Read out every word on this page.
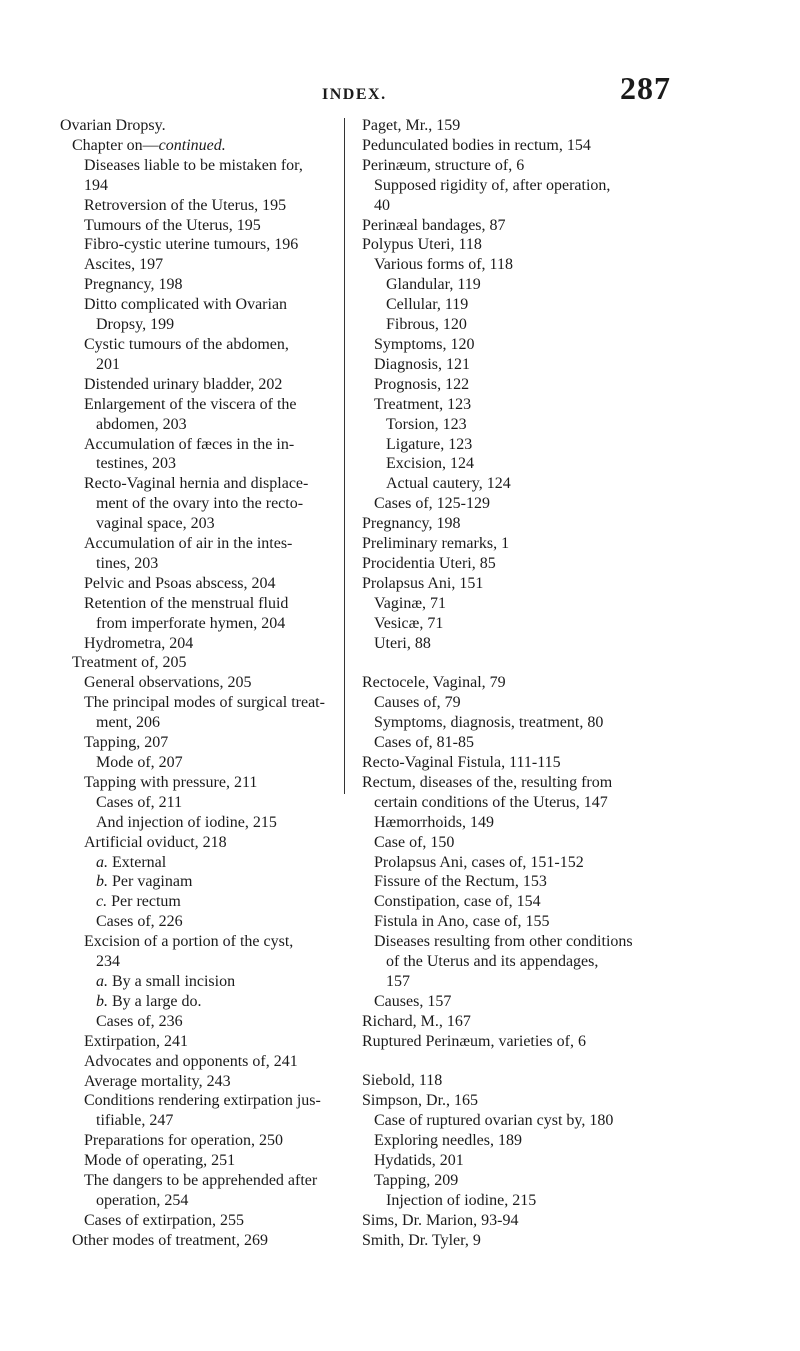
INDEX.	287
Ovarian Dropsy.
Chapter on—continued.
Diseases liable to be mistaken for,
194
Retroversion of the Uterus, 195
Tumours of the Uterus, 195
Fibro-cystic uterine tumours, 196
Ascites, 197
Pregnancy, 198
Ditto complicated with Ovarian
Dropsy, 199
Cystic tumours of the abdomen,
201
Distended urinary bladder, 202
Enlargement of the viscera of the
abdomen, 203
Accumulation of fæces in the in-
testines, 203
Recto-Vaginal hernia and displace-
ment of the ovary into the recto-
vaginal space, 203
Accumulation of air in the intes-
tines, 203
Pelvic and Psoas abscess, 204
Retention of the menstrual fluid
from imperforate hymen, 204
Hydrometra, 204
Treatment of, 205
General observations, 205
The principal modes of surgical treat-
ment, 206
Tapping, 207
Mode of, 207
Tapping with pressure, 211
Cases of, 211
And injection of iodine, 215
Artificial oviduct, 218
a. External
b. Per vaginam
c. Per rectum
Cases of, 226
Excision of a portion of the cyst,
234
a. By a small incision
b. By a large do.
Cases of, 236
Extirpation, 241
Advocates and opponents of, 241
Average mortality, 243
Conditions rendering extirpation jus-
tifiable, 247
Preparations for operation, 250
Mode of operating, 251
The dangers to be apprehended after
operation, 254
Cases of extirpation, 255
Other modes of treatment, 269
Paget, Mr., 159
Pedunculated bodies in rectum, 154
Perinæum, structure of, 6
Supposed rigidity of, after operation,
40
Perinæal bandages, 87
Polypus Uteri, 118
Various forms of, 118
Glandular, 119
Cellular, 119
Fibrous, 120
Symptoms, 120
Diagnosis, 121
Prognosis, 122
Treatment, 123
Torsion, 123
Ligature, 123
Excision, 124
Actual cautery, 124
Cases of, 125-129
Pregnancy, 198
Preliminary remarks, 1
Procidentia Uteri, 85
Prolapsus Ani, 151
Vaginæ, 71
Vesicæ, 71
Uteri, 88
Rectocele, Vaginal, 79
Causes of, 79
Symptoms, diagnosis, treatment, 80
Cases of, 81-85
Recto-Vaginal Fistula, 111-115
Rectum, diseases of the, resulting from
certain conditions of the Uterus, 147
Hæmorrhoids, 149
Case of, 150
Prolapsus Ani, cases of, 151-152
Fissure of the Rectum, 153
Constipation, case of, 154
Fistula in Ano, case of, 155
Diseases resulting from other conditions
of the Uterus and its appendages,
157
Causes, 157
Richard, M., 167
Ruptured Perinæum, varieties of, 6
Siebold, 118
Simpson, Dr., 165
Case of ruptured ovarian cyst by, 180
Exploring needles, 189
Hydatids, 201
Tapping, 209
Injection of iodine, 215
Sims, Dr. Marion, 93-94
Smith, Dr. Tyler, 9
